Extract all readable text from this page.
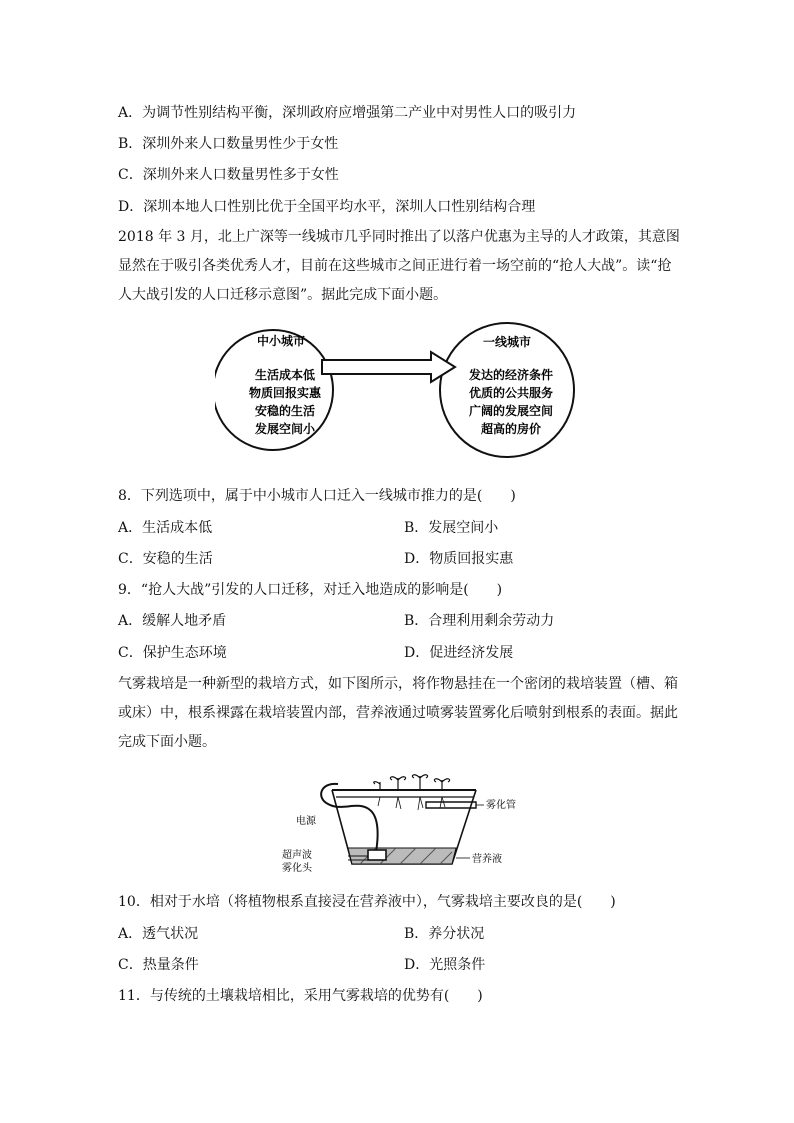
A．为调节性别结构平衡，深圳政府应增强第二产业中对男性人口的吸引力
B．深圳外来人口数量男性少于女性
C．深圳外来人口数量男性多于女性
D．深圳本地人口性别比优于全国平均水平，深圳人口性别结构合理
2018 年 3 月，北上广深等一线城市几乎同时推出了以落户优惠为主导的人才政策，其意图
显然在于吸引各类优秀人才，目前在这些城市之间正进行着一场空前的“抢人大战”。读“抢
人大战引发的人口迁移示意图”。据此完成下面小题。
中小城市
生活成本低
物质回报实惠
安稳的生活
发展空间小
一线城市
发达的经济条件
优质的公共服务
广阔的发展空间
超高的房价
8．下列选项中，属于中小城市人口迁入一线城市推力的是(　　)
A．生活成本低	B．发展空间小
C．安稳的生活	D．物质回报实惠
9．“抢人大战”引发的人口迁移，对迁入地造成的影响是(　　)
A．缓解人地矛盾	B．合理利用剩余劳动力
C．保护生态环境	D．促进经济发展
气雾栽培是一种新型的栽培方式，如下图所示，将作物悬挂在一个密闭的栽培装置（槽、箱
或床）中，根系裸露在栽培装置内部，营养液通过喷雾装置雾化后喷射到根系的表面。据此
完成下面小题。
电源
雾化管
超声波
雾化头
营养液
10．相对于水培（将植物根系直接浸在营养液中），气雾栽培主要改良的是(　　)
A．透气状况	B．养分状况
C．热量条件	D．光照条件
11．与传统的土壤栽培相比，采用气雾栽培的优势有(　　)
